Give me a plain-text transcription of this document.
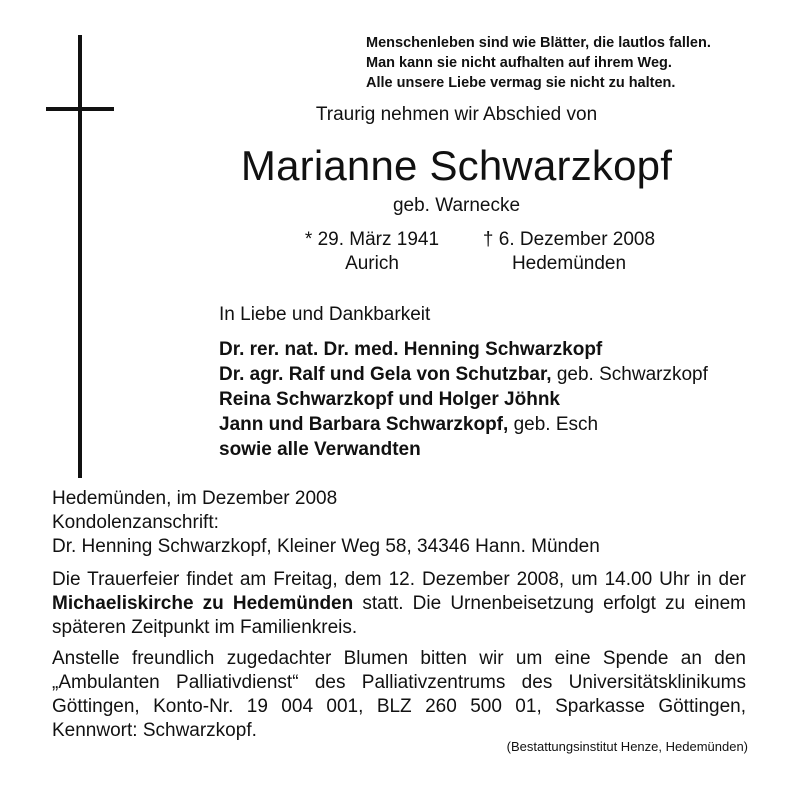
Menschenleben sind wie Blätter, die lautlos fallen.
Man kann sie nicht aufhalten auf ihrem Weg.
Alle unsere Liebe vermag sie nicht zu halten.
Traurig nehmen wir Abschied von
Marianne Schwarzkopf
geb. Warnecke
* 29. März 1941
Aurich
† 6. Dezember 2008
Hedemünden
In Liebe und Dankbarkeit
Dr. rer. nat. Dr. med. Henning Schwarzkopf
Dr. agr. Ralf und Gela von Schutzbar, geb. Schwarzkopf
Reina Schwarzkopf und Holger Jöhnk
Jann und Barbara Schwarzkopf, geb. Esch
sowie alle Verwandten
Hedemünden, im Dezember 2008
Kondolenzanschrift:
Dr. Henning Schwarzkopf, Kleiner Weg 58, 34346 Hann. Münden
Die Trauerfeier findet am Freitag, dem 12. Dezember 2008, um 14.00 Uhr in der Michaeliskirche zu Hedemünden statt. Die Urnenbeisetzung erfolgt zu einem späteren Zeitpunkt im Familienkreis.
Anstelle freundlich zugedachter Blumen bitten wir um eine Spende an den „Ambulanten Palliativdienst“ des Palliativzentrums des Universitätsklinikums Göttingen, Konto-Nr. 19 004 001, BLZ 260 500 01, Sparkasse Göttingen, Kennwort: Schwarzkopf.
(Bestattungsinstitut Henze, Hedemünden)
